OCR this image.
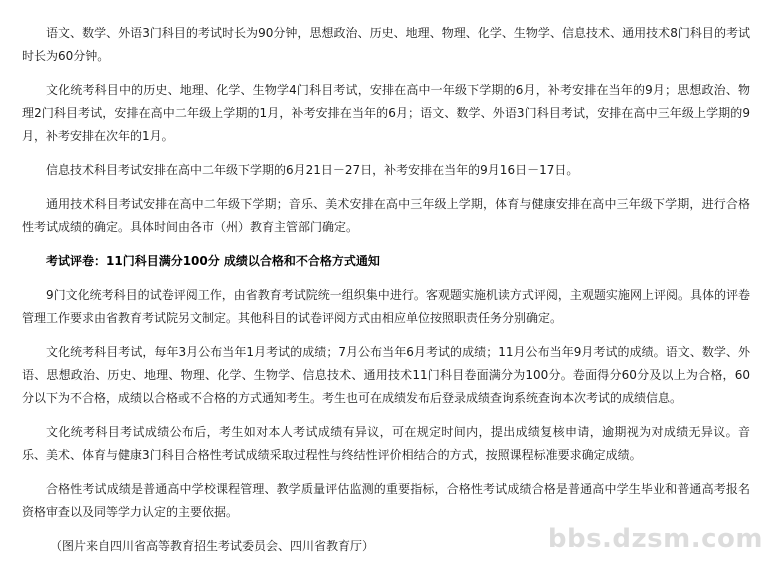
语文、数学、外语3门科目的考试时长为90分钟，思想政治、历史、地理、物理、化学、生物学、信息技术、通用技术8门科目的考试时长为60分钟。

文化统考科目中的历史、地理、化学、生物学4门科目考试，安排在高中一年级下学期的6月，补考安排在当年的9月；思想政治、物理2门科目考试，安排在高中二年级上学期的1月，补考安排在当年的6月；语文、数学、外语3门科目考试，安排在高中三年级上学期的9月，补考安排在次年的1月。

信息技术科目考试安排在高中二年级下学期的6月21日－27日，补考安排在当年的9月16日－17日。

通用技术科目考试安排在高中二年级下学期；音乐、美术安排在高中三年级上学期，体育与健康安排在高中三年级下学期，进行合格性考试成绩的确定。具体时间由各市（州）教育主管部门确定。

考试评卷：11门科目满分100分 成绩以合格和不合格方式通知

9门文化统考科目的试卷评阅工作，由省教育考试院统一组织集中进行。客观题实施机读方式评阅，主观题实施网上评阅。具体的评卷管理工作要求由省教育考试院另文制定。其他科目的试卷评阅方式由相应单位按照职责任务分别确定。

文化统考科目考试，每年3月公布当年1月考试的成绩；7月公布当年6月考试的成绩；11月公布当年9月考试的成绩。语文、数学、外语、思想政治、历史、地理、物理、化学、生物学、信息技术、通用技术11门科目卷面满分为100分。卷面得分60分及以上为合格，60分以下为不合格，成绩以合格或不合格的方式通知考生。考生也可在成绩发布后登录成绩查询系统查询本次考试的成绩信息。

文化统考科目考试成绩公布后，考生如对本人考试成绩有异议，可在规定时间内，提出成绩复核申请，逾期视为对成绩无异议。音乐、美术、体育与健康3门科目合格性考试成绩采取过程性与终结性评价相结合的方式，按照课程标准要求确定成绩。

合格性考试成绩是普通高中学校课程管理、教学质量评估监测的重要指标，合格性考试成绩合格是普通高中学生毕业和普通高考报名资格审查以及同等学力认定的主要依据。

（图片来自四川省高等教育招生考试委员会、四川省教育厅）	bbs.dzsm.com
